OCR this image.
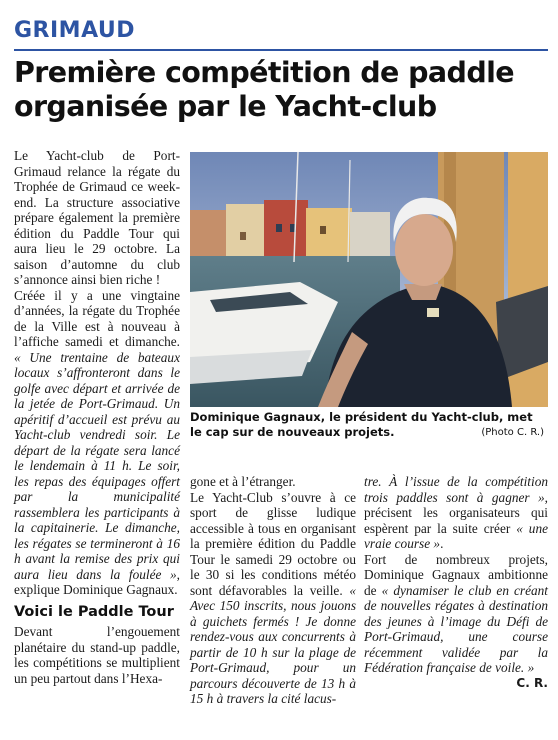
GRIMAUD
Première compétition de paddle organisée par le Yacht-club

Le Yacht-club de Port-Grimaud relance la régate du Trophée de Grimaud ce week-end. La structure associative prépare également la première édition du Paddle Tour qui aura lieu le 29 octobre. La saison d’automne du club s’annonce ainsi bien riche !

Créée il y a une vingtaine d’années, la régate du Trophée de la Ville est à nouveau à l’affiche samedi et dimanche. « Une trentaine de bateaux locaux s’affronteront dans le golfe avec départ et arrivée de la jetée de Port-Grimaud. Un apéritif d’accueil est prévu au Yacht-club vendredi soir. Le départ de la régate sera lancé le lendemain à 11 h. Le soir, les repas des équipages offert par la municipalité rassemblera les participants à la capitainerie. Le dimanche, les régates se termineront à 16 h avant la remise des prix qui aura lieu dans la foulée », explique Dominique Gagnaux.

Voici le Paddle Tour

Devant l’engouement planétaire du stand-up paddle, les compétitions se multiplient un peu partout dans l’Hexa-

Dominique Gagnaux, le président du Yacht-club, met le cap sur de nouveaux projets.	(Photo C. R.)

gone et à l’étranger.

Le Yacht-Club s’ouvre à ce sport de glisse ludique accessible à tous en organisant la première édition du Paddle Tour le samedi 29 octobre ou le 30 si les conditions météo sont défavorables la veille. « Avec 150 inscrits, nous jouons à guichets fermés ! Je donne rendez-vous aux concurrents à partir de 10 h sur la plage de Port-Grimaud, pour un parcours découverte de 13 h à 15 h à travers la cité lacus-

tre. À l’issue de la compétition trois paddles sont à gagner », précisent les organisateurs qui espèrent par la suite créer « une vraie course ».

Fort de nombreux projets, Dominique Gagnaux ambitionne de « dynamiser le club en créant de nouvelles régates à destination des jeunes à l’image du Défi de Port-Grimaud, une course récemment validée par la Fédération française de voile. »

C. R.
